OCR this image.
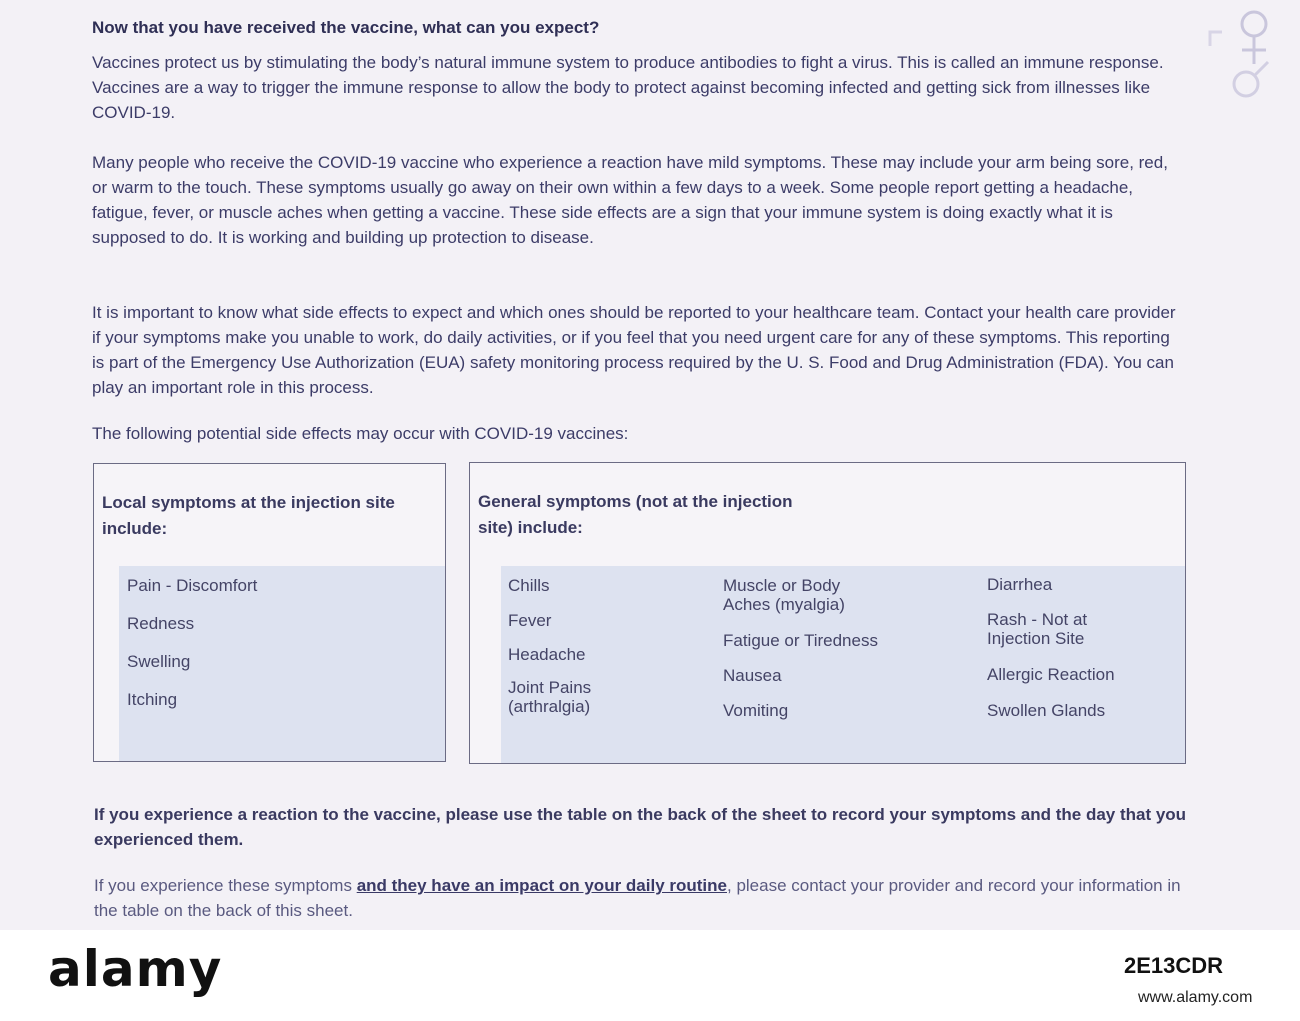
Now that you have received the vaccine, what can you expect?

Vaccines protect us by stimulating the body’s natural immune system to produce antibodies to fight a virus. This is called an immune response. Vaccines are a way to trigger the immune response to allow the body to protect against becoming infected and getting sick from illnesses like COVID-19.

Many people who receive the COVID-19 vaccine who experience a reaction have mild symptoms. These may include your arm being sore, red, or warm to the touch. These symptoms usually go away on their own within a few days to a week. Some people report getting a headache, fatigue, fever, or muscle aches when getting a vaccine. These side effects are a sign that your immune system is doing exactly what it is supposed to do. It is working and building up protection to disease.

It is important to know what side effects to expect and which ones should be reported to your healthcare team. Contact your health care provider if your symptoms make you unable to work, do daily activities, or if you feel that you need urgent care for any of these symptoms. This reporting is part of the Emergency Use Authorization (EUA) safety monitoring process required by the U. S. Food and Drug Administration (FDA). You can play an important role in this process.

The following potential side effects may occur with COVID-19 vaccines:

Local symptoms at the injection site include:

Pain - Discomfort
Redness
Swelling
Itching

General symptoms (not at the injection site) include:

Chills
Fever
Headache
Joint Pains (arthralgia)
Muscle or Body Aches (myalgia)
Fatigue or Tiredness
Nausea
Vomiting
Diarrhea
Rash - Not at Injection Site
Allergic Reaction
Swollen Glands

If you experience a reaction to the vaccine, please use the table on the back of the sheet to record your symptoms and the day that you experienced them.

If you experience these symptoms and they have an impact on your daily routine, please contact your provider and record your information in the table on the back of this sheet.

alamy	2E13CDR

www.alamy.com
